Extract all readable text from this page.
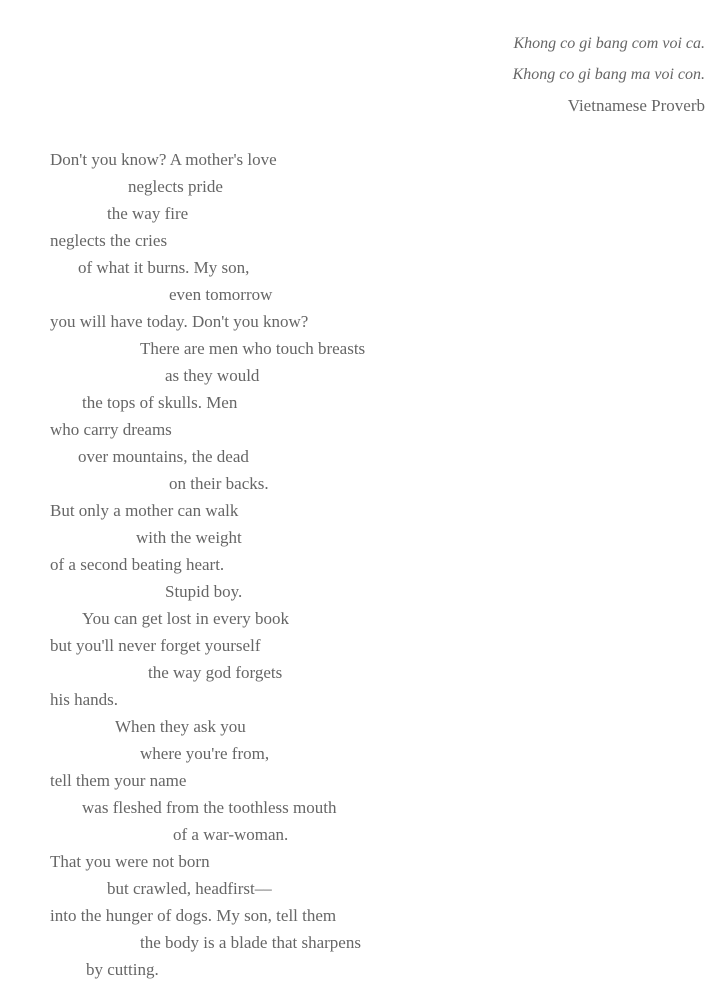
Khong co gi bang com voi ca.
Khong co gi bang ma voi con.
Vietnamese Proverb
Don't you know? A mother's love
neglects pride
the way fire
neglects the cries
of what it burns. My son,
even tomorrow
you will have today. Don't you know?
There are men who touch breasts
as they would
the tops of skulls. Men
who carry dreams
over mountains, the dead
on their backs.
But only a mother can walk
with the weight
of a second beating heart.
Stupid boy.
You can get lost in every book
but you'll never forget yourself
the way god forgets
his hands.
When they ask you
where you're from,
tell them your name
was fleshed from the toothless mouth
of a war-woman.
That you were not born
but crawled, headfirst––
into the hunger of dogs. My son, tell them
the body is a blade that sharpens
by cutting.
